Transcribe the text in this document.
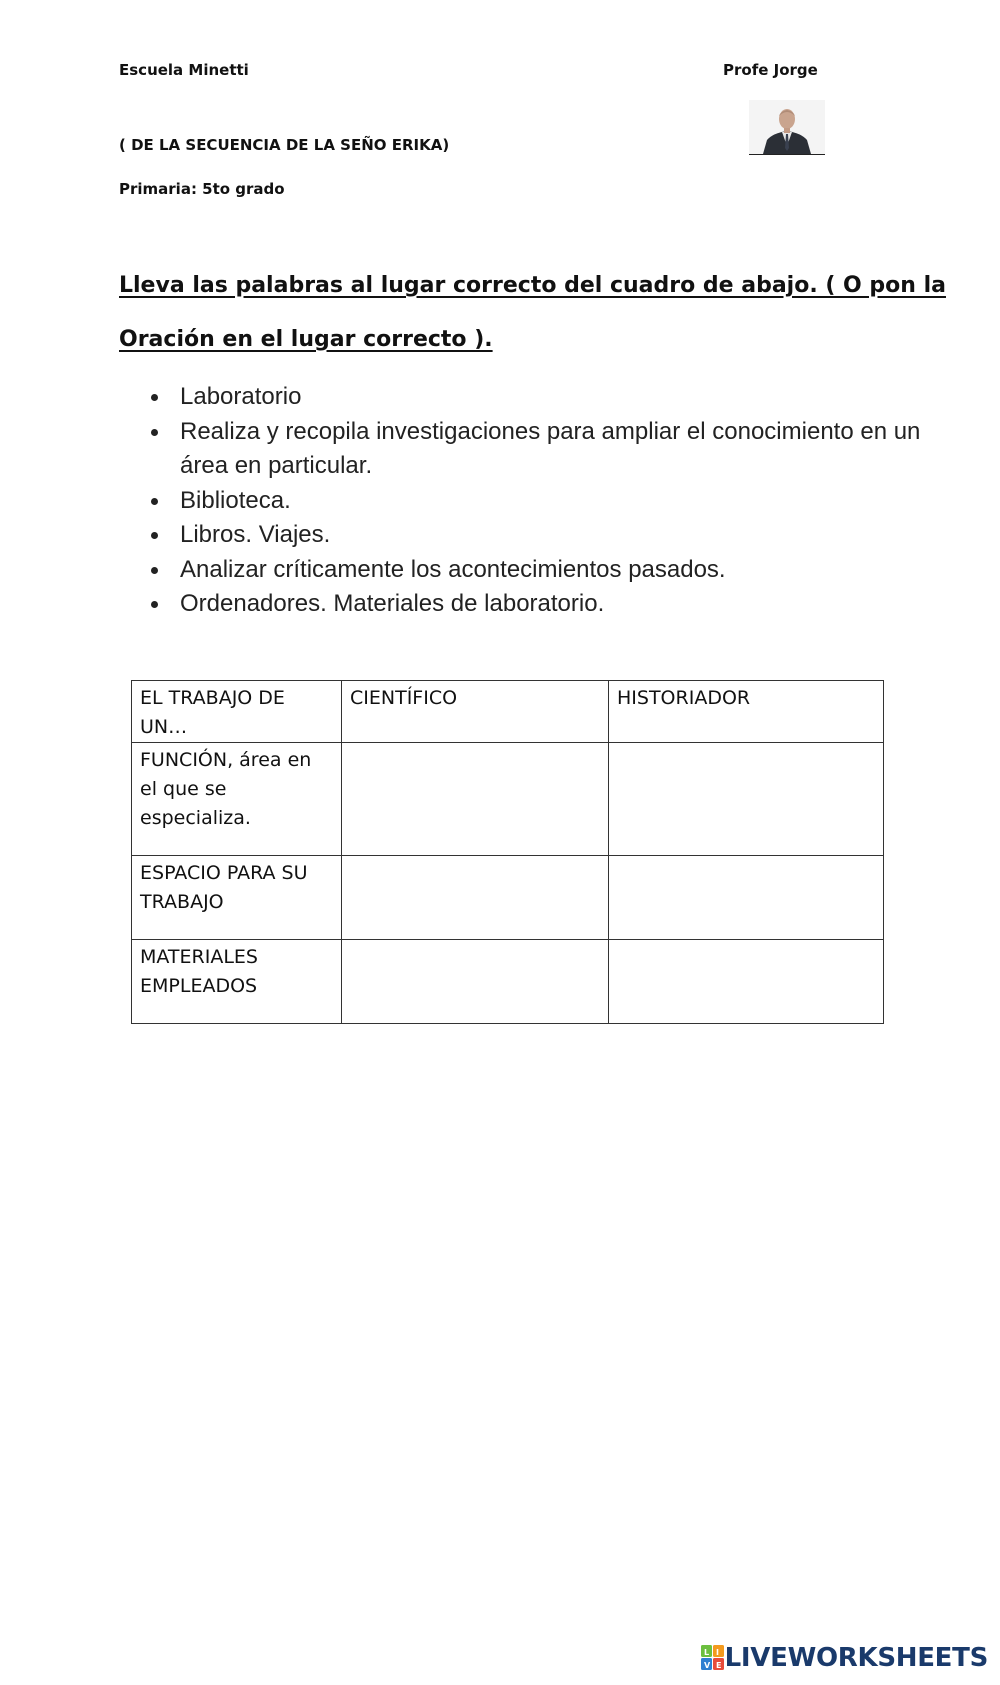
Escuela Minetti	Profe Jorge
( DE LA SECUENCIA DE LA SEÑO ERIKA)
Primaria: 5to grado
Lleva las palabras al lugar correcto del cuadro de abajo. ( O pon la
Oración en el lugar correcto ).
Laboratorio
Realiza y recopila investigaciones para ampliar el conocimiento en un área en particular.
Biblioteca.
Libros. Viajes.
Analizar críticamente los acontecimientos pasados.
Ordenadores. Materiales de laboratorio.
EL TRABAJO DE UN…	CIENTÍFICO	HISTORIADOR
FUNCIÓN, área en el que se especializa.		
ESPACIO PARA SU TRABAJO		
MATERIALES EMPLEADOS		
L I
V E LIVEWORKSHEETS
